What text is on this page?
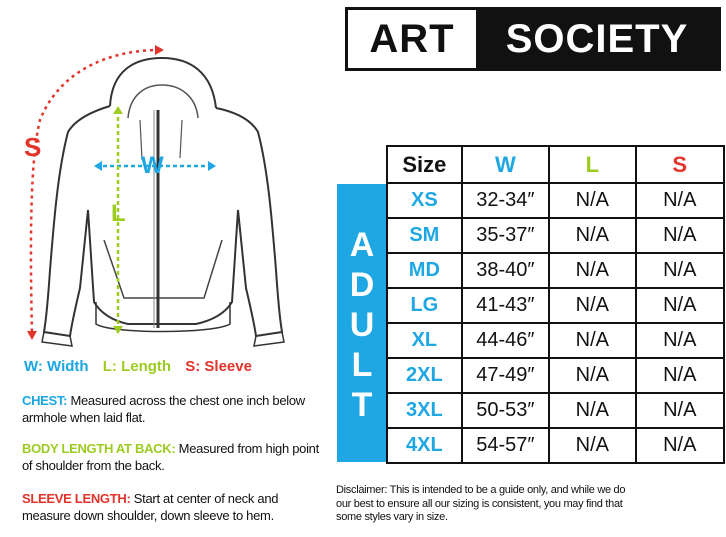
W
L
S
W: Width L: Length S: Sleeve
CHEST: Measured across the chest one inch below armhole when laid flat.
BODY LENGTH AT BACK: Measured from high point of shoulder from the back.
SLEEVE LENGTH: Start at center of neck and measure down shoulder, down sleeve to hem.
ART	SOCIETY
A
D
U
L
T
Size	W	L	S
XS	32-34″	N/A	N/A
SM	35-37″	N/A	N/A
MD	38-40″	N/A	N/A
LG	41-43″	N/A	N/A
XL	44-46″	N/A	N/A
2XL	47-49″	N/A	N/A
3XL	50-53″	N/A	N/A
4XL	54-57″	N/A	N/A
Disclaimer: This is intended to be a guide only, and while we do our best to ensure all our sizing is consistent, you may find that some styles vary in size.
